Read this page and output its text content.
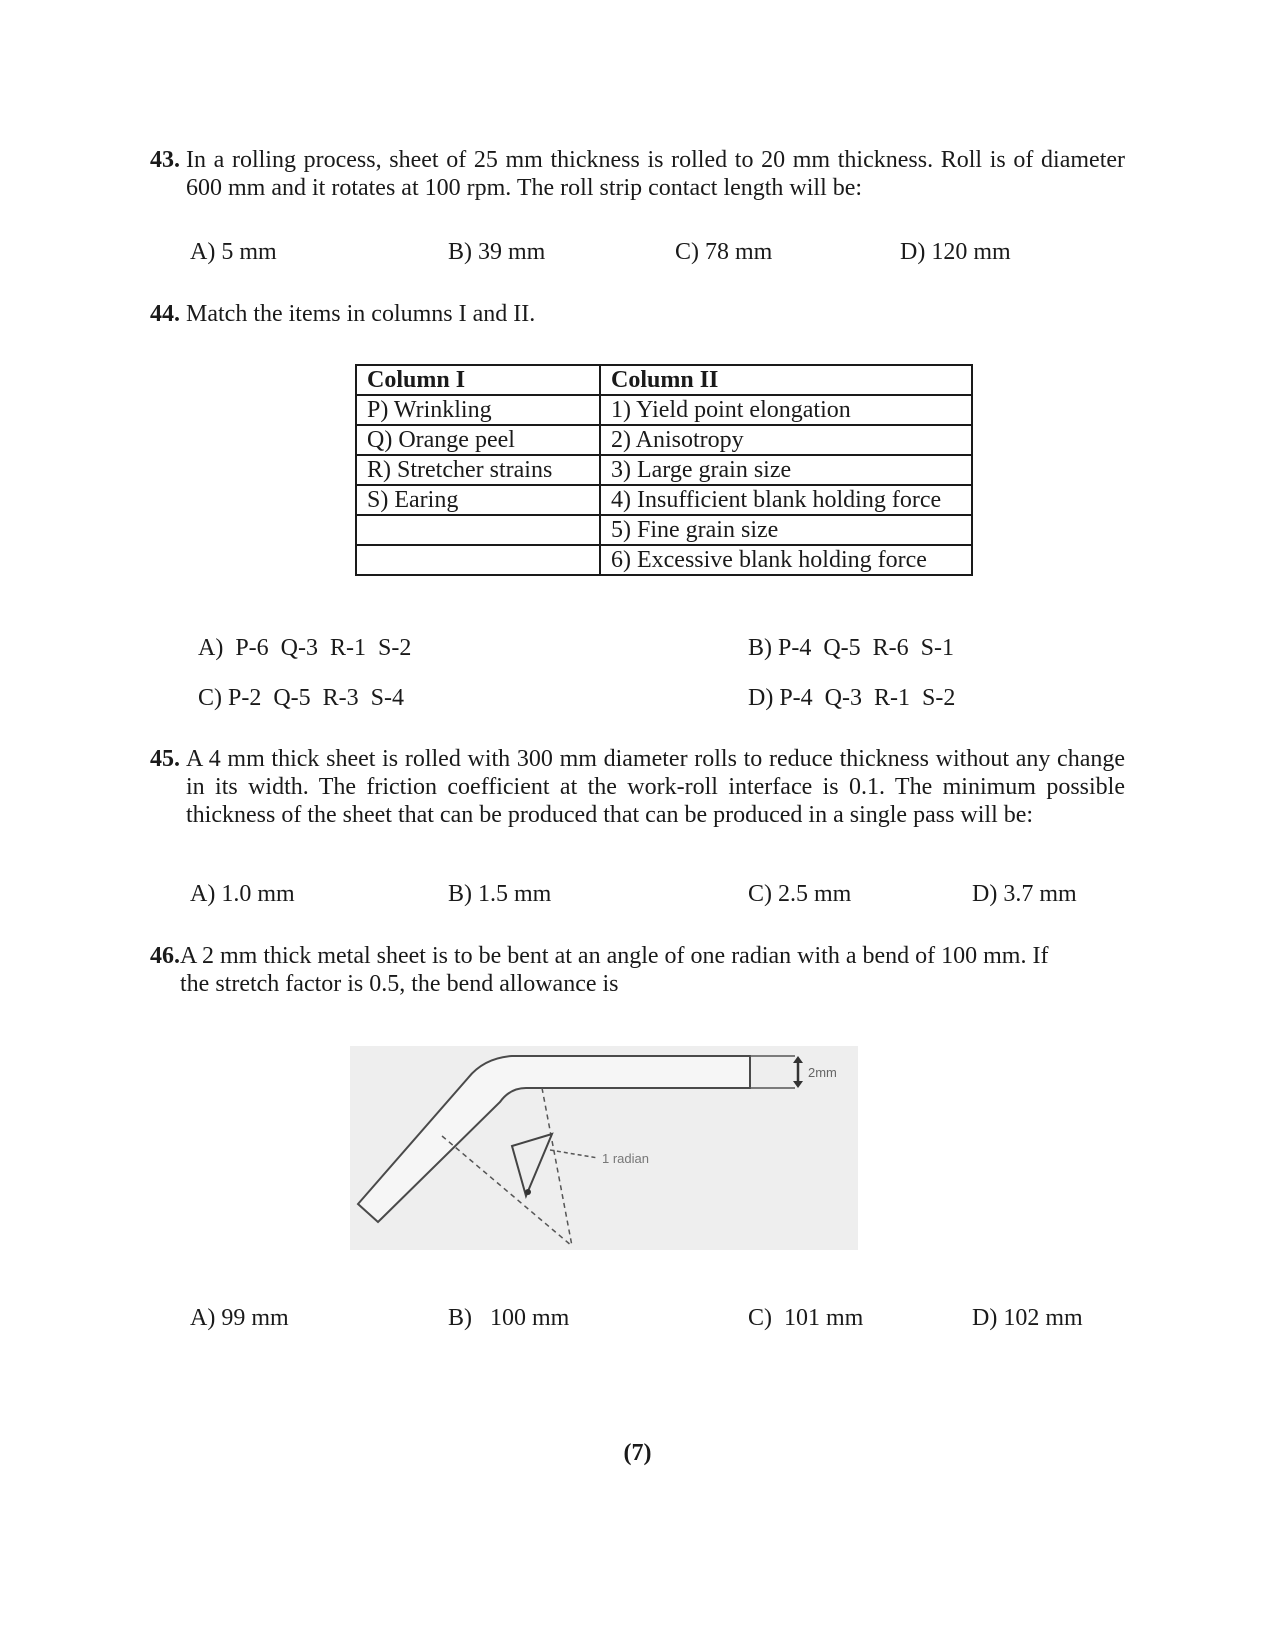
43. In a rolling process, sheet of 25 mm thickness is rolled to 20 mm thickness. Roll is of diameter 600 mm and it rotates at 100 rpm. The roll strip contact length will be:
A) 5 mm	B) 39 mm	C) 78 mm	D) 120 mm
44. Match the items in columns I and II.
Column I	Column II
P) Wrinkling	1) Yield point elongation
Q) Orange peel	2) Anisotropy
R) Stretcher strains	3) Large grain size
S) Earing	4) Insufficient blank holding force
	5) Fine grain size
	6) Excessive blank holding force
A)  P-6  Q-3  R-1  S-2	B) P-4  Q-5  R-6  S-1
C) P-2  Q-5  R-3  S-4	D) P-4  Q-3  R-1  S-2
45. A 4 mm thick sheet is rolled with 300 mm diameter rolls to reduce thickness without any change in its width. The friction coefficient at the work-roll interface is 0.1. The minimum possible thickness of the sheet that can be produced that can be produced in a single pass will be:
A) 1.0 mm	B) 1.5 mm	C) 2.5 mm	D) 3.7 mm
46. A 2 mm thick metal sheet is to be bent at an angle of one radian with a bend of 100 mm. If
the stretch factor is 0.5, the bend allowance is
2mm
1 radian
A) 99 mm	B)   100 mm	C)  101 mm	D) 102 mm
(7)
